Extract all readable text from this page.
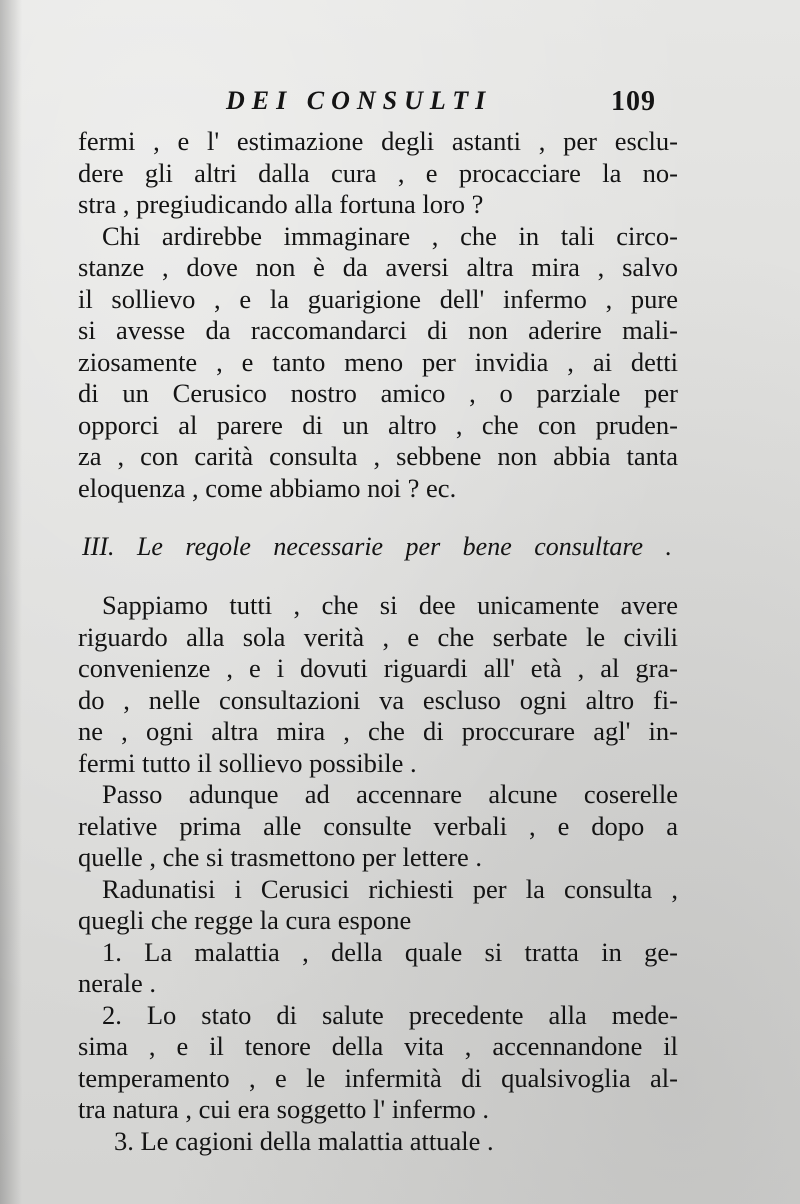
DEI CONSULTI	109
fermi , e l' estimazione degli astanti , per esclu-
dere gli altri dalla cura , e procacciare la no-
stra , pregiudicando alla fortuna loro ?
Chi ardirebbe immaginare , che in tali circo-
stanze , dove non è da aversi altra mira , salvo
il sollievo , e la guarigione dell' infermo , pure
si avesse da raccomandarci di non aderire mali-
ziosamente , e tanto meno per invidia , ai detti
di un Cerusico nostro amico , o parziale per
opporci al parere di un altro , che con pruden-
za , con carità consulta , sebbene non abbia tanta
eloquenza , come abbiamo noi ? ec.
III. Le regole necessarie per bene consultare .
Sappiamo tutti , che si dee unicamente avere
riguardo alla sola verità , e che serbate le civili
convenienze , e i dovuti riguardi all' età , al gra-
do , nelle consultazioni va escluso ogni altro fi-
ne , ogni altra mira , che di proccurare agl' in-
fermi tutto il sollievo possibile .
Passo adunque ad accennare alcune coserelle
relative prima alle consulte verbali , e dopo a
quelle , che si trasmettono per lettere .
Radunatisi i Cerusici richiesti per la consulta ,
quegli che regge la cura espone
1. La malattia , della quale si tratta in ge-
nerale .
2. Lo stato di salute precedente alla mede-
sima , e il tenore della vita , accennandone il
temperamento , e le infermità di qualsivoglia al-
tra natura , cui era soggetto l' infermo .
3. Le cagioni della malattia attuale .
